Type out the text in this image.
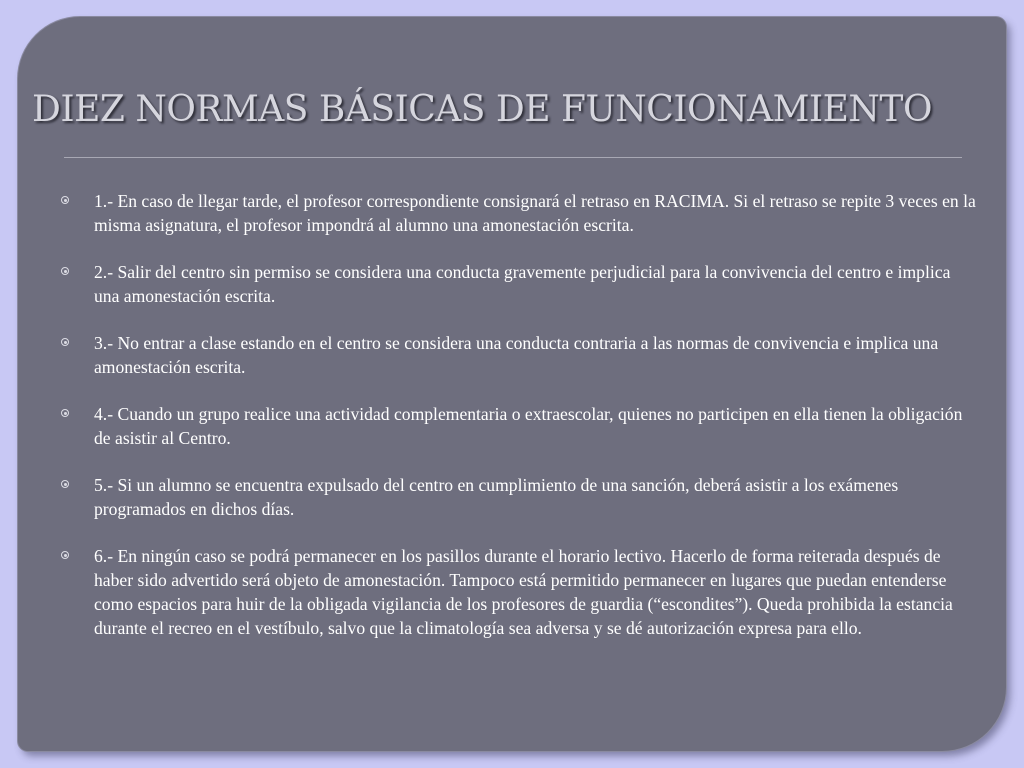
DIEZ NORMAS BÁSICAS DE FUNCIONAMIENTO
1.- En caso de llegar tarde, el profesor correspondiente consignará el retraso en RACIMA. Si el retraso se repite 3 veces en la misma asignatura, el profesor impondrá al alumno una amonestación escrita.
2.- Salir del centro sin permiso se considera una conducta gravemente perjudicial para la convivencia del centro e implica una amonestación escrita.
3.- No entrar a clase estando en el centro se considera una conducta contraria a las normas de convivencia e implica una amonestación escrita.
4.- Cuando un grupo realice una actividad complementaria o extraescolar, quienes no participen en ella tienen la obligación de asistir al Centro.
5.- Si un alumno se encuentra expulsado del centro en cumplimiento de una sanción, deberá asistir a los exámenes programados en dichos días.
6.- En ningún caso se podrá permanecer en los pasillos durante el horario lectivo. Hacerlo de forma reiterada después de haber sido advertido será objeto de amonestación. Tampoco está permitido permanecer en lugares que puedan entenderse como espacios para huir de la obligada vigilancia de los profesores de guardia (“escondites”). Queda prohibida la estancia durante el recreo en el vestíbulo, salvo que la climatología sea adversa y se dé autorización expresa para ello.
